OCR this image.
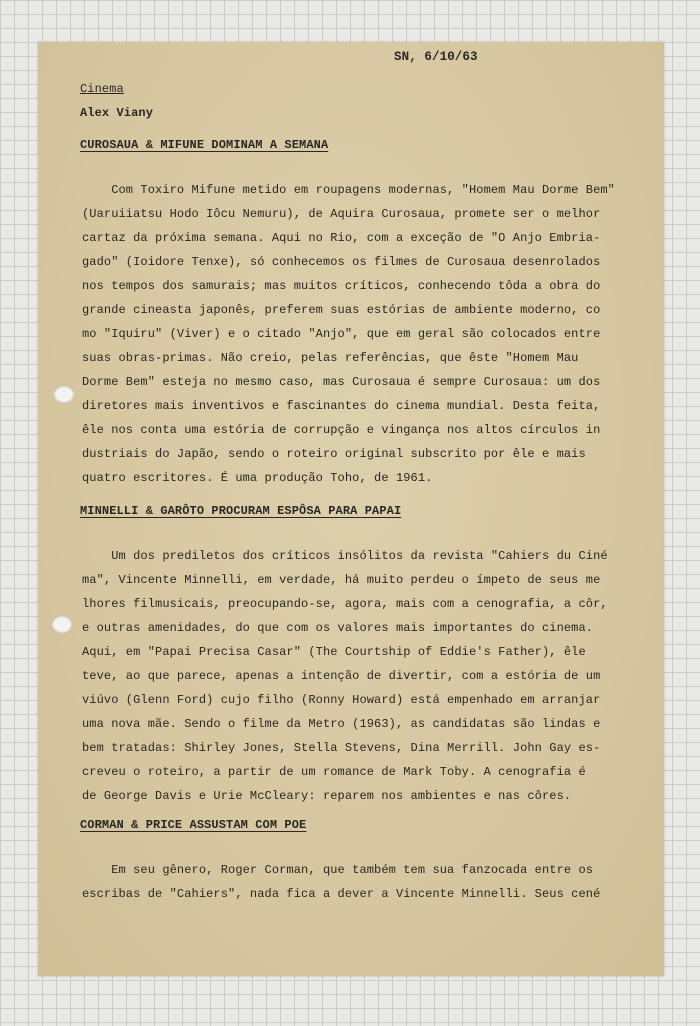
SN, 6/10/63
Cinema
Alex Viany
CUROSAUA & MIFUNE DOMINAM A SEMANA
Com Toxiro Mifune metido em roupagens modernas, "Homem Mau Dorme Bem"
(Uaruiiatsu Hodo Iôcu Nemuru), de Aquira Curosaua, promete ser o melhor
cartaz da próxima semana. Aqui no Rio, com a exceção de "O Anjo Embria-
gado" (Ioidore Tenxe), só conhecemos os filmes de Curosaua desenrolados
nos tempos dos samurais; mas muitos críticos, conhecendo tôda a obra do
grande cineasta japonês, preferem suas estórias de ambiente moderno, co
mo "Iquiru" (Viver) e o citado "Anjo", que em geral são colocados entre
suas obras-primas. Não creio, pelas referências, que êste "Homem Mau
Dorme Bem" esteja no mesmo caso, mas Curosaua é sempre Curosaua: um dos
diretores mais inventivos e fascinantes do cinema mundial. Desta feita,
êle nos conta uma estória de corrupção e vingança nos altos círculos in
dustriais do Japão, sendo o roteiro original subscrito por êle e mais
quatro escritores. É uma produção Toho, de 1961.
MINNELLI & GARÔTO PROCURAM ESPÔSA PARA PAPAI
Um dos prediletos dos críticos insólitos da revista "Cahiers du Ciné
ma", Vincente Minnelli, em verdade, há muito perdeu o ímpeto de seus me
lhores filmusicais, preocupando-se, agora, mais com a cenografia, a côr,
e outras amenidades, do que com os valores mais importantes do cinema.
Aqui, em "Papai Precisa Casar" (The Courtship of Eddie's Father), êle
teve, ao que parece, apenas a intenção de divertir, com a estória de um
viúvo (Glenn Ford) cujo filho (Ronny Howard) está empenhado em arranjar
uma nova mãe. Sendo o filme da Metro (1963), as candidatas são lindas e
bem tratadas: Shirley Jones, Stella Stevens, Dina Merrill. John Gay es-
creveu o roteiro, a partir de um romance de Mark Toby. A cenografia é
de George Davis e Urie McCleary: reparem nos ambientes e nas côres.
CORMAN & PRICE ASSUSTAM COM POE
Em seu gênero, Roger Corman, que também tem sua fanzocada entre os
escribas de "Cahiers", nada fica a dever a Vincente Minnelli. Seus cené
